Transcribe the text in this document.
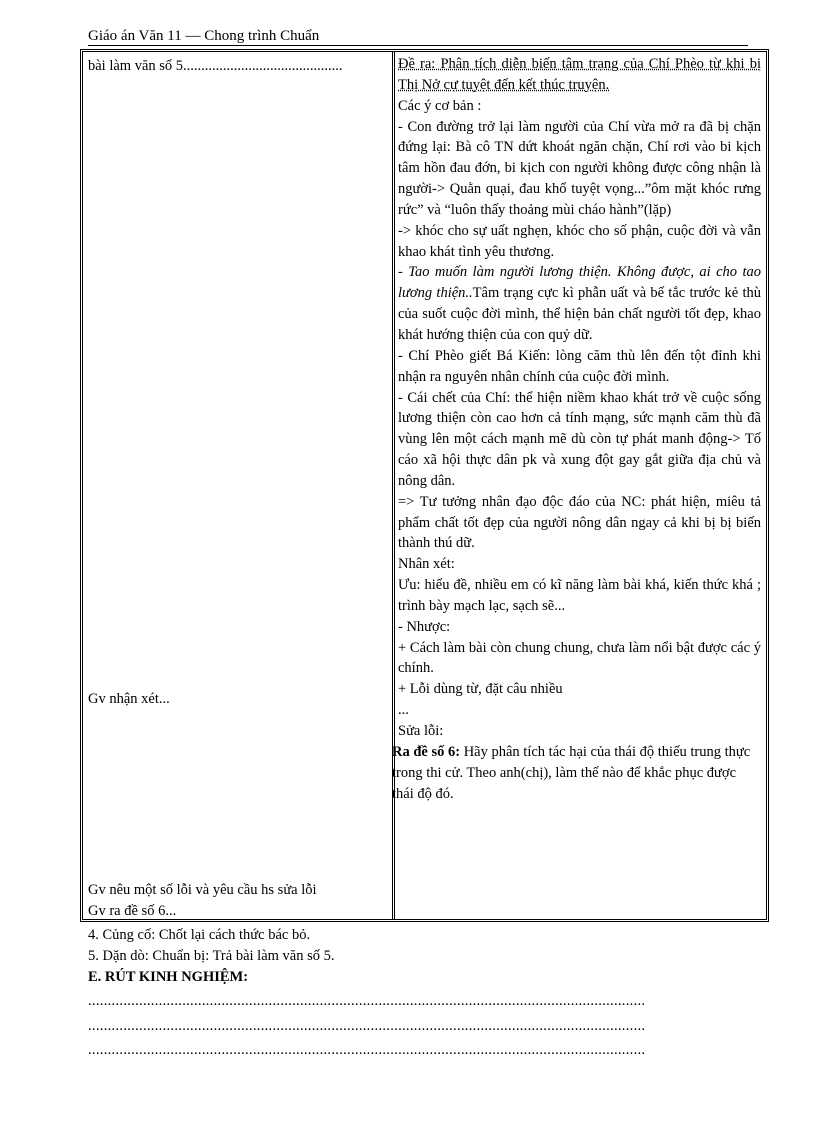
Giáo án Văn 11 — Chong trình Chuẩn
bài làm văn số 5............................................
Gv nhận xét...
Gv nêu một số lỗi và yêu cầu hs sửa lỗi
Gv ra đề số 6...

Đề ra: Phân tích diễn biến tâm trạng của Chí Phèo từ khi bị Thị Nở cự tuyệt đến kết thúc truyện.

Các ý cơ bản :

- Con đường trở lại làm người của Chí vừa mở ra đã bị chặn đứng lại: Bà cô TN dứt khoát ngăn chặn, Chí rơi vào bi kịch tâm hồn đau đớn, bi kịch con người không được công nhận là người-> Quằn quại, đau khổ tuyệt vọng...”ôm mặt khóc rưng rức” và “luôn thấy thoảng mùi cháo hành”(lặp)

-> khóc cho sự uất nghẹn, khóc cho số phận, cuộc đời và vẫn khao khát tình yêu thương.

- Tao muốn làm người lương thiện. Không được, ai cho tao lương thiện..Tâm trạng cực kì phẫn uất và bế tắc trước kẻ thù của suốt cuộc đời mình, thể hiện bản chất người tốt đẹp, khao khát hướng thiện của con quỷ dữ.

- Chí Phèo giết Bá Kiến: lòng căm thù lên đến tột đỉnh khi nhận ra nguyên nhân chính của cuộc đời mình.

- Cái chết của Chí: thể hiện niềm khao khát trở về cuộc sống lương thiện còn cao hơn cả tính mạng, sức mạnh căm thù đã vùng lên một cách mạnh mẽ dù còn tự phát manh động-> Tố cáo xã hội thực dân pk và xung đột gay gắt giữa địa chủ và nông dân.

=> Tư tưởng nhân đạo độc đáo của NC: phát hiện, miêu tả phẩm chất tốt đẹp của người nông dân ngay cả khi bị bị biến thành thú dữ.

Nhân xét:

Ưu: hiểu đề, nhiều em có kĩ năng làm bài khá, kiến thức khá ; trình bày mạch lạc, sạch sẽ...

- Nhược:

+ Cách làm bài còn chung chung, chưa làm nổi bật được các ý chính.

+ Lỗi dùng từ, đặt câu nhiều

...

Sửa lỗi:

Ra đề số 6: Hãy phân tích tác hại của thái độ thiếu trung thực trong thi cử. Theo anh(chị), làm thế nào để khắc phục được thái độ đó.

4. Củng cố: Chốt lại cách thức bác bỏ.
5. Dặn dò: Chuẩn bị: Trả bài làm văn số 5.
E. RÚT KINH NGHIỆM:
..............................................................................................................................................
..............................................................................................................................................
..............................................................................................................................................
